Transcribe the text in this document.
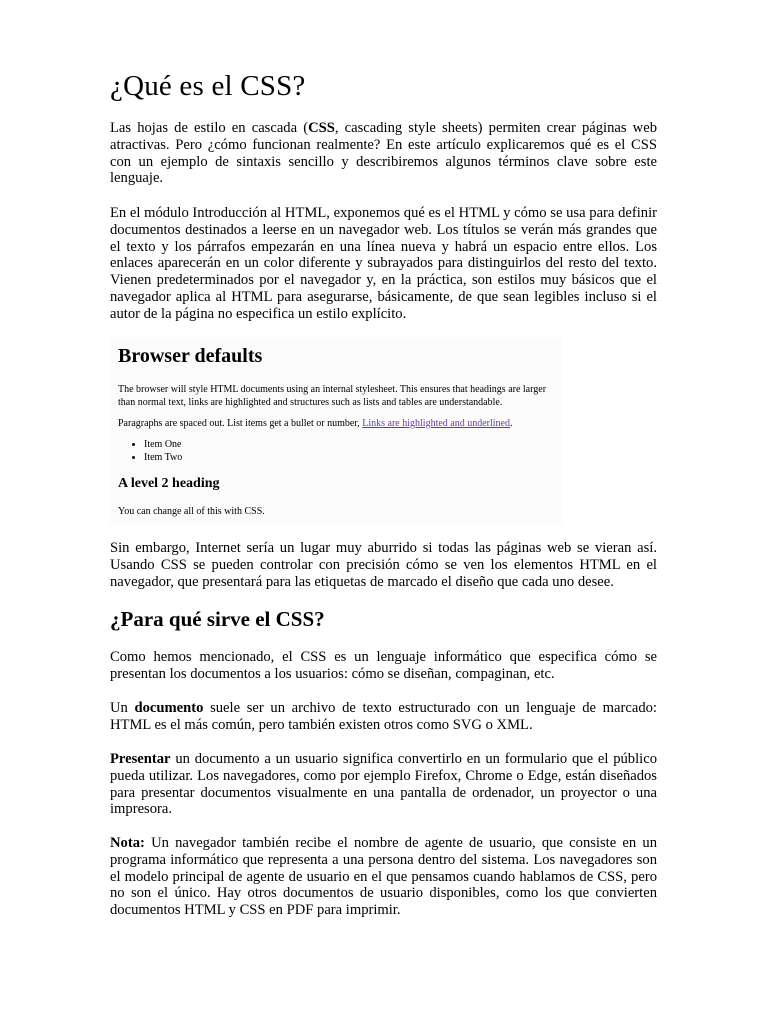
¿Qué es el CSS?

Las hojas de estilo en cascada (CSS, cascading style sheets) permiten crear páginas web atractivas. Pero ¿cómo funcionan realmente? En este artículo explicaremos qué es el CSS con un ejemplo de sintaxis sencillo y describiremos algunos términos clave sobre este lenguaje.

En el módulo Introducción al HTML, exponemos qué es el HTML y cómo se usa para definir documentos destinados a leerse en un navegador web. Los títulos se verán más grandes que el texto y los párrafos empezarán en una línea nueva y habrá un espacio entre ellos. Los enlaces aparecerán en un color diferente y subrayados para distinguirlos del resto del texto. Vienen predeterminados por el navegador y, en la práctica, son estilos muy básicos que el navegador aplica al HTML para asegurarse, básicamente, de que sean legibles incluso si el autor de la página no especifica un estilo explícito.

Browser defaults

The browser will style HTML documents using an internal stylesheet. This ensures that headings are larger than normal text, links are highlighted and structures such as lists and tables are understandable.

Paragraphs are spaced out. List items get a bullet or number, Links are highlighted and underlined.

• Item One
• Item Two
A level 2 heading

You can change all of this with CSS.

Sin embargo, Internet sería un lugar muy aburrido si todas las páginas web se vieran así. Usando CSS se pueden controlar con precisión cómo se ven los elementos HTML en el navegador, que presentará para las etiquetas de marcado el diseño que cada uno desee.

¿Para qué sirve el CSS?

Como hemos mencionado, el CSS es un lenguaje informático que especifica cómo se presentan los documentos a los usuarios: cómo se diseñan, compaginan, etc.

Un documento suele ser un archivo de texto estructurado con un lenguaje de marcado: HTML es el más común, pero también existen otros como SVG o XML.

Presentar un documento a un usuario significa convertirlo en un formulario que el público pueda utilizar. Los navegadores, como por ejemplo Firefox, Chrome o Edge, están diseñados para presentar documentos visualmente en una pantalla de ordenador, un proyector o una impresora.

Nota: Un navegador también recibe el nombre de agente de usuario, que consiste en un programa informático que representa a una persona dentro del sistema. Los navegadores son el modelo principal de agente de usuario en el que pensamos cuando hablamos de CSS, pero no son el único. Hay otros documentos de usuario disponibles, como los que convierten documentos HTML y CSS en PDF para imprimir.
